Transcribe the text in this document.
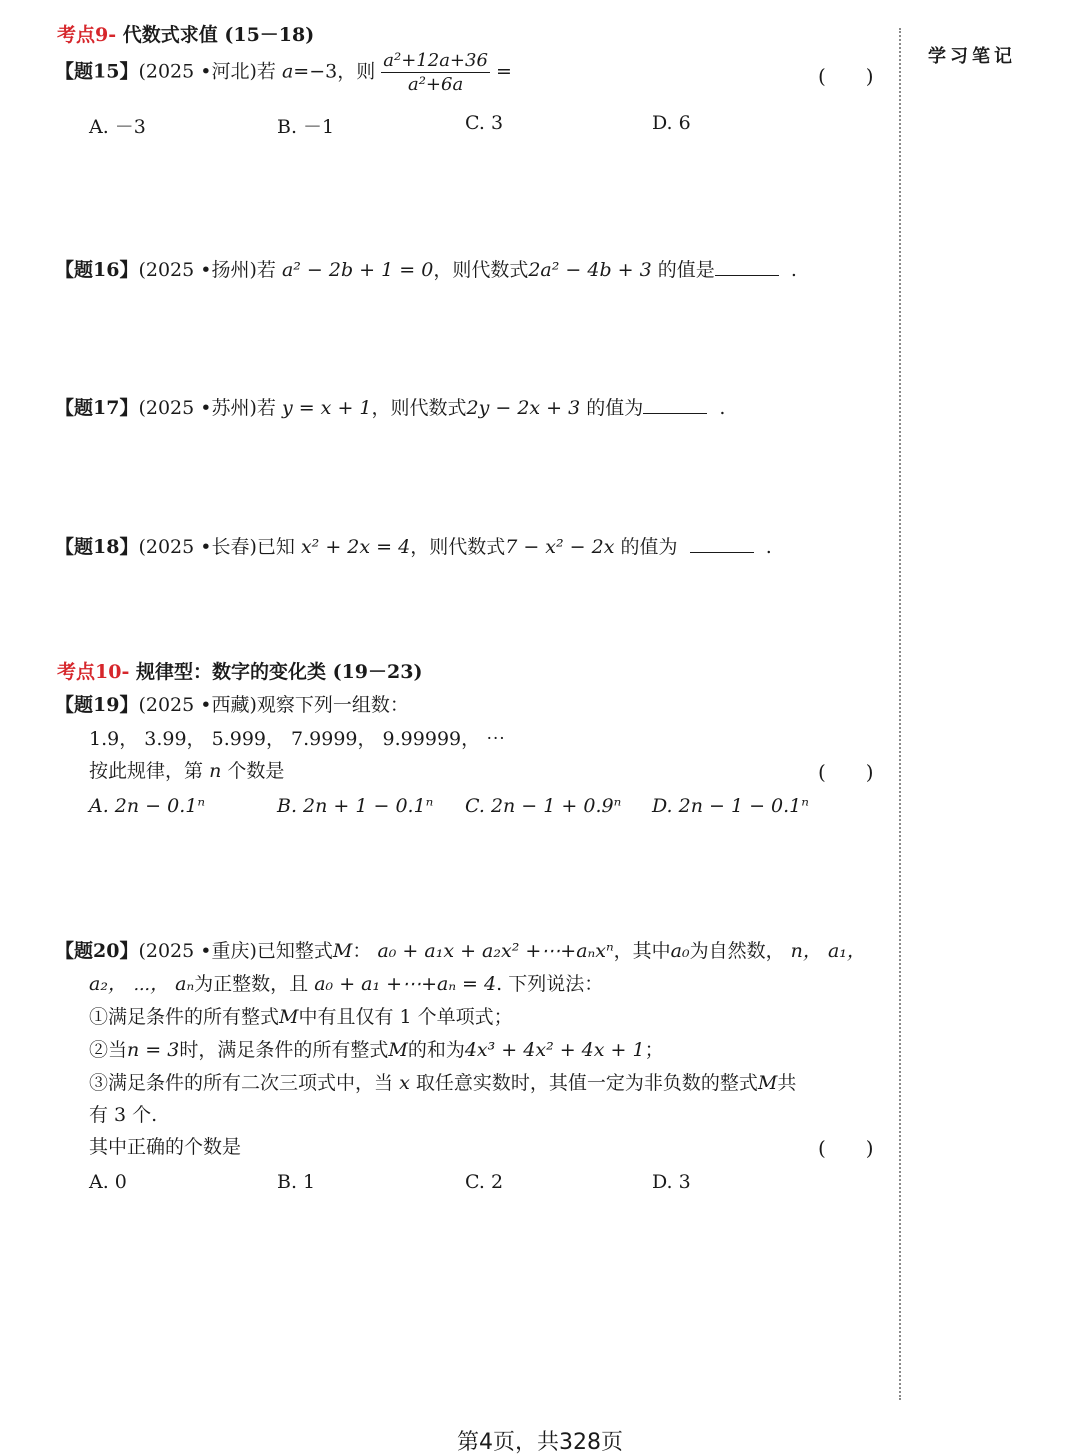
学习笔记
考点9- 代数式求值 (15－18)
【题15】(2025 •河北)若 a=−3，则 $\frac{\text{a²+12a+36}}{\text{a²+6a}}$ =	(　　)
A. －3	B. －1	C. 3	D. 6
【题16】(2025 •扬州)若 a² − 2b + 1 = 0，则代数式2a² − 4b + 3 的值是	.
【题17】(2025 •苏州)若 y = x + 1，则代数式2y − 2x + 3 的值为	.
【题18】(2025 •长春)已知 x² + 2x = 4，则代数式7 − x² − 2x 的值为	.
考点10- 规律型：数字的变化类 (19－23)
【题19】(2025 •西藏)观察下列一组数：
1.9， 3.99， 5.999， 7.9999， 9.99999， ⋯
按此规律，第 n 个数是	(　　)
A. 2n − 0.1ⁿ	B. 2n + 1 − 0.1ⁿ C. 2n − 1 + 0.9ⁿ D. 2n − 1 − 0.1ⁿ
【题20】(2025 •重庆)已知整式M： a₀ + a₁x + a₂x² +⋯+aₙxⁿ，其中a₀为自然数， n， a₁，
a₂， ⋯， aₙ为正整数，且 a₀ + a₁ +⋯+aₙ = 4. 下列说法：
①满足条件的所有整式M中有且仅有 1 个单项式；
②当n = 3时，满足条件的所有整式M的和为4x³ + 4x² + 4x + 1；
③满足条件的所有二次三项式中，当 x 取任意实数时，其值一定为非负数的整式M共
有 3 个.
其中正确的个数是	(　　)
A. 0	B. 1	C. 2	D. 3
第4页，共328页
